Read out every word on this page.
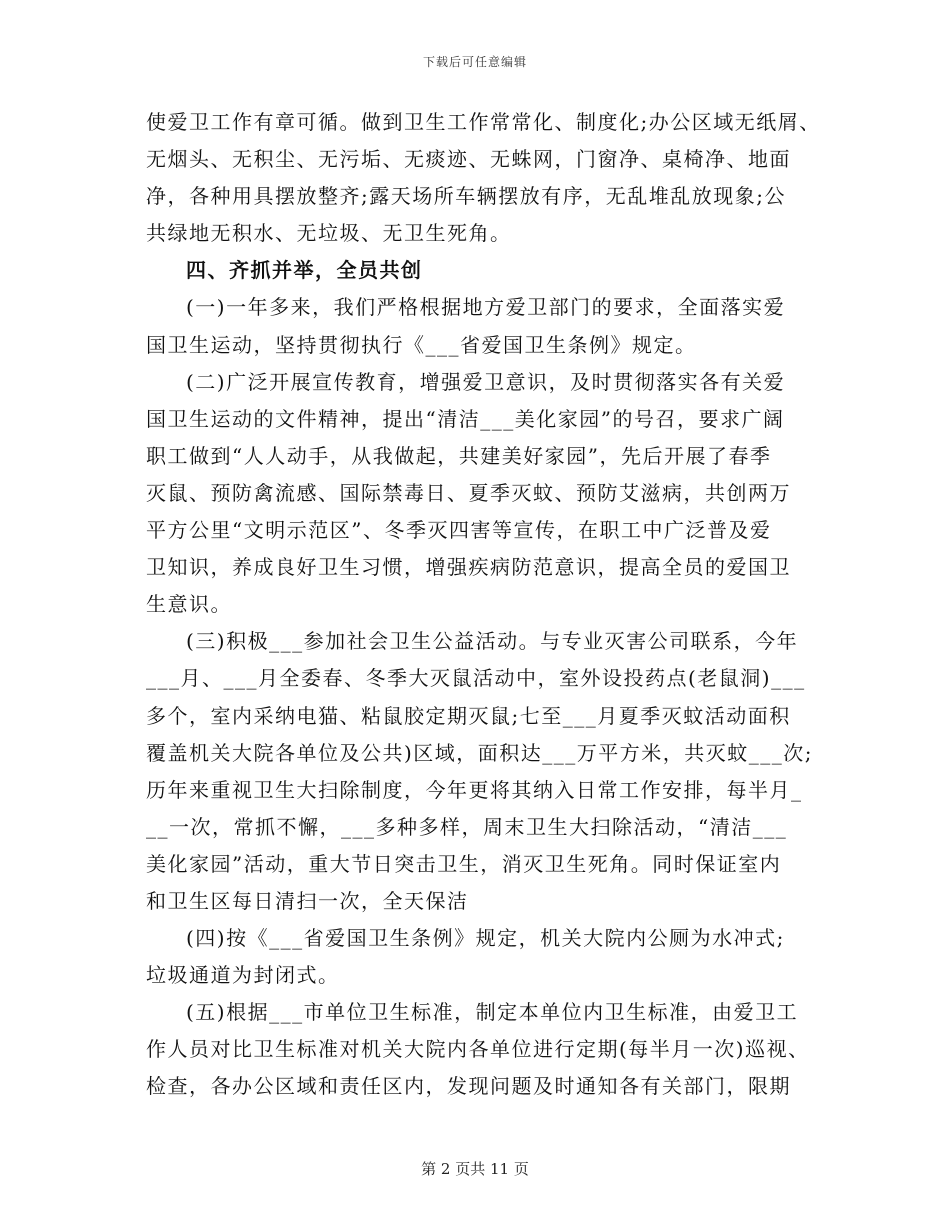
下载后可任意编辑
使爱卫工作有章可循。做到卫生工作常常化、制度化;办公区域无纸屑、
无烟头、无积尘、无污垢、无痰迹、无蛛网，门窗净、桌椅净、地面
净，各种用具摆放整齐;露天场所车辆摆放有序，无乱堆乱放现象;公
共绿地无积水、无垃圾、无卫生死角。
四、齐抓并举，全员共创
(一)一年多来，我们严格根据地方爱卫部门的要求，全面落实爱
国卫生运动，坚持贯彻执行《___省爱国卫生条例》规定。
(二)广泛开展宣传教育，增强爱卫意识，及时贯彻落实各有关爱
国卫生运动的文件精神，提出“清洁___美化家园”的号召，要求广阔
职工做到“人人动手，从我做起，共建美好家园”，先后开展了春季
灭鼠、预防禽流感、国际禁毒日、夏季灭蚊、预防艾滋病，共创两万
平方公里“文明示范区”、冬季灭四害等宣传，在职工中广泛普及爱
卫知识，养成良好卫生习惯，增强疾病防范意识，提高全员的爱国卫
生意识。
(三)积极___参加社会卫生公益活动。与专业灭害公司联系，今年
___月、___月全委春、冬季大灭鼠活动中，室外设投药点(老鼠洞)___
多个，室内采纳电猫、粘鼠胶定期灭鼠;七至___月夏季灭蚊活动面积
覆盖机关大院各单位及公共)区域，面积达___万平方米，共灭蚊___次;
历年来重视卫生大扫除制度，今年更将其纳入日常工作安排，每半月_
__一次，常抓不懈，___多种多样，周末卫生大扫除活动，“清洁___
美化家园”活动，重大节日突击卫生，消灭卫生死角。同时保证室内
和卫生区每日清扫一次，全天保洁
(四)按《___省爱国卫生条例》规定，机关大院内公厕为水冲式;
垃圾通道为封闭式。
(五)根据___市单位卫生标准，制定本单位内卫生标准，由爱卫工
作人员对比卫生标准对机关大院内各单位进行定期(每半月一次)巡视、
检查，各办公区域和责任区内，发现问题及时通知各有关部门，限期
第 2 页共 11 页
